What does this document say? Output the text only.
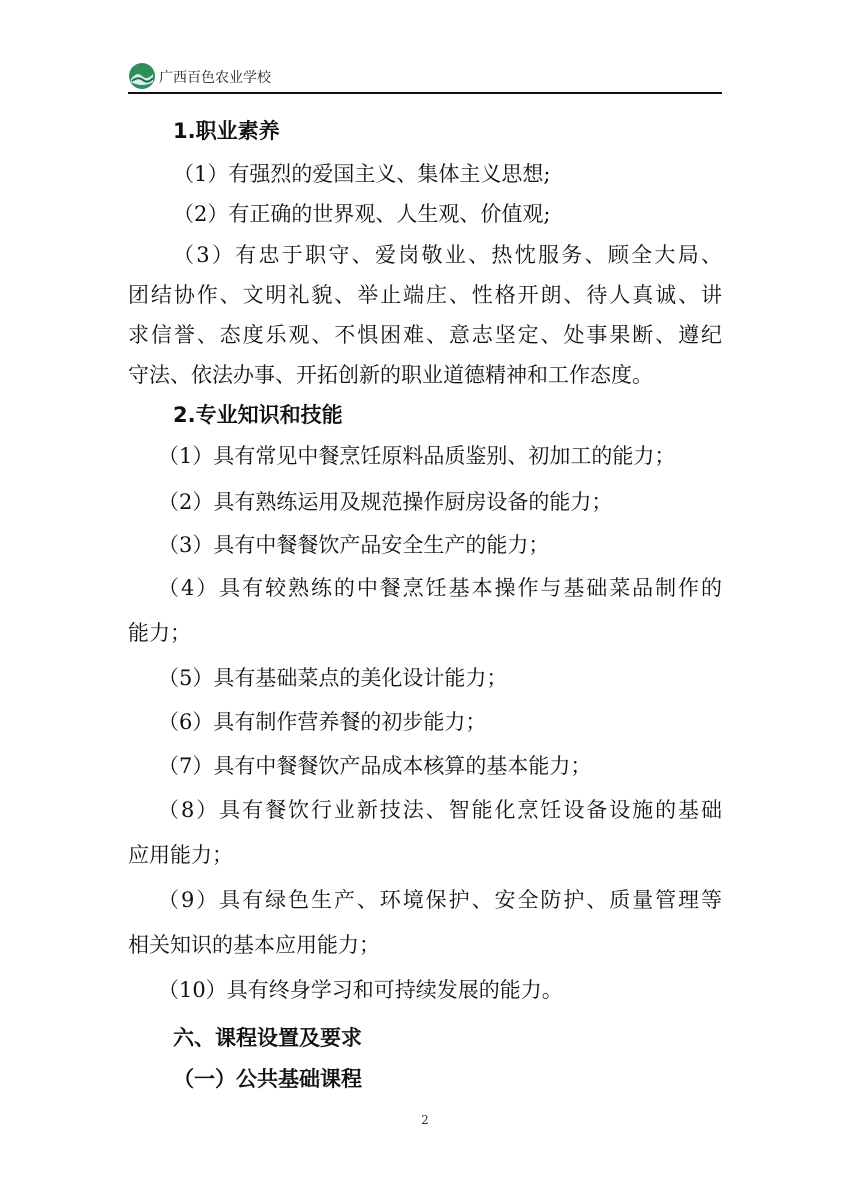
广西百色农业学校
1.职业素养
（1）有强烈的爱国主义、集体主义思想;
（2）有正确的世界观、人生观、价值观;
（3）有忠于职守、爱岗敬业、热忱服务、顾全大局、
团结协作、文明礼貌、举止端庄、性格开朗、待人真诚、讲
求信誉、态度乐观、不惧困难、意志坚定、处事果断、遵纪
守法、依法办事、开拓创新的职业道德精神和工作态度。
2.专业知识和技能
（1）具有常见中餐烹饪原料品质鉴别、初加工的能力；
（2）具有熟练运用及规范操作厨房设备的能力；
（3）具有中餐餐饮产品安全生产的能力；
（4）具有较熟练的中餐烹饪基本操作与基础菜品制作的
能力；
（5）具有基础菜点的美化设计能力；
（6）具有制作营养餐的初步能力；
（7）具有中餐餐饮产品成本核算的基本能力；
（8）具有餐饮行业新技法、智能化烹饪设备设施的基础
应用能力；
（9）具有绿色生产、环境保护、安全防护、质量管理等
相关知识的基本应用能力；
（10）具有终身学习和可持续发展的能力。
六、课程设置及要求
（一）公共基础课程
2
